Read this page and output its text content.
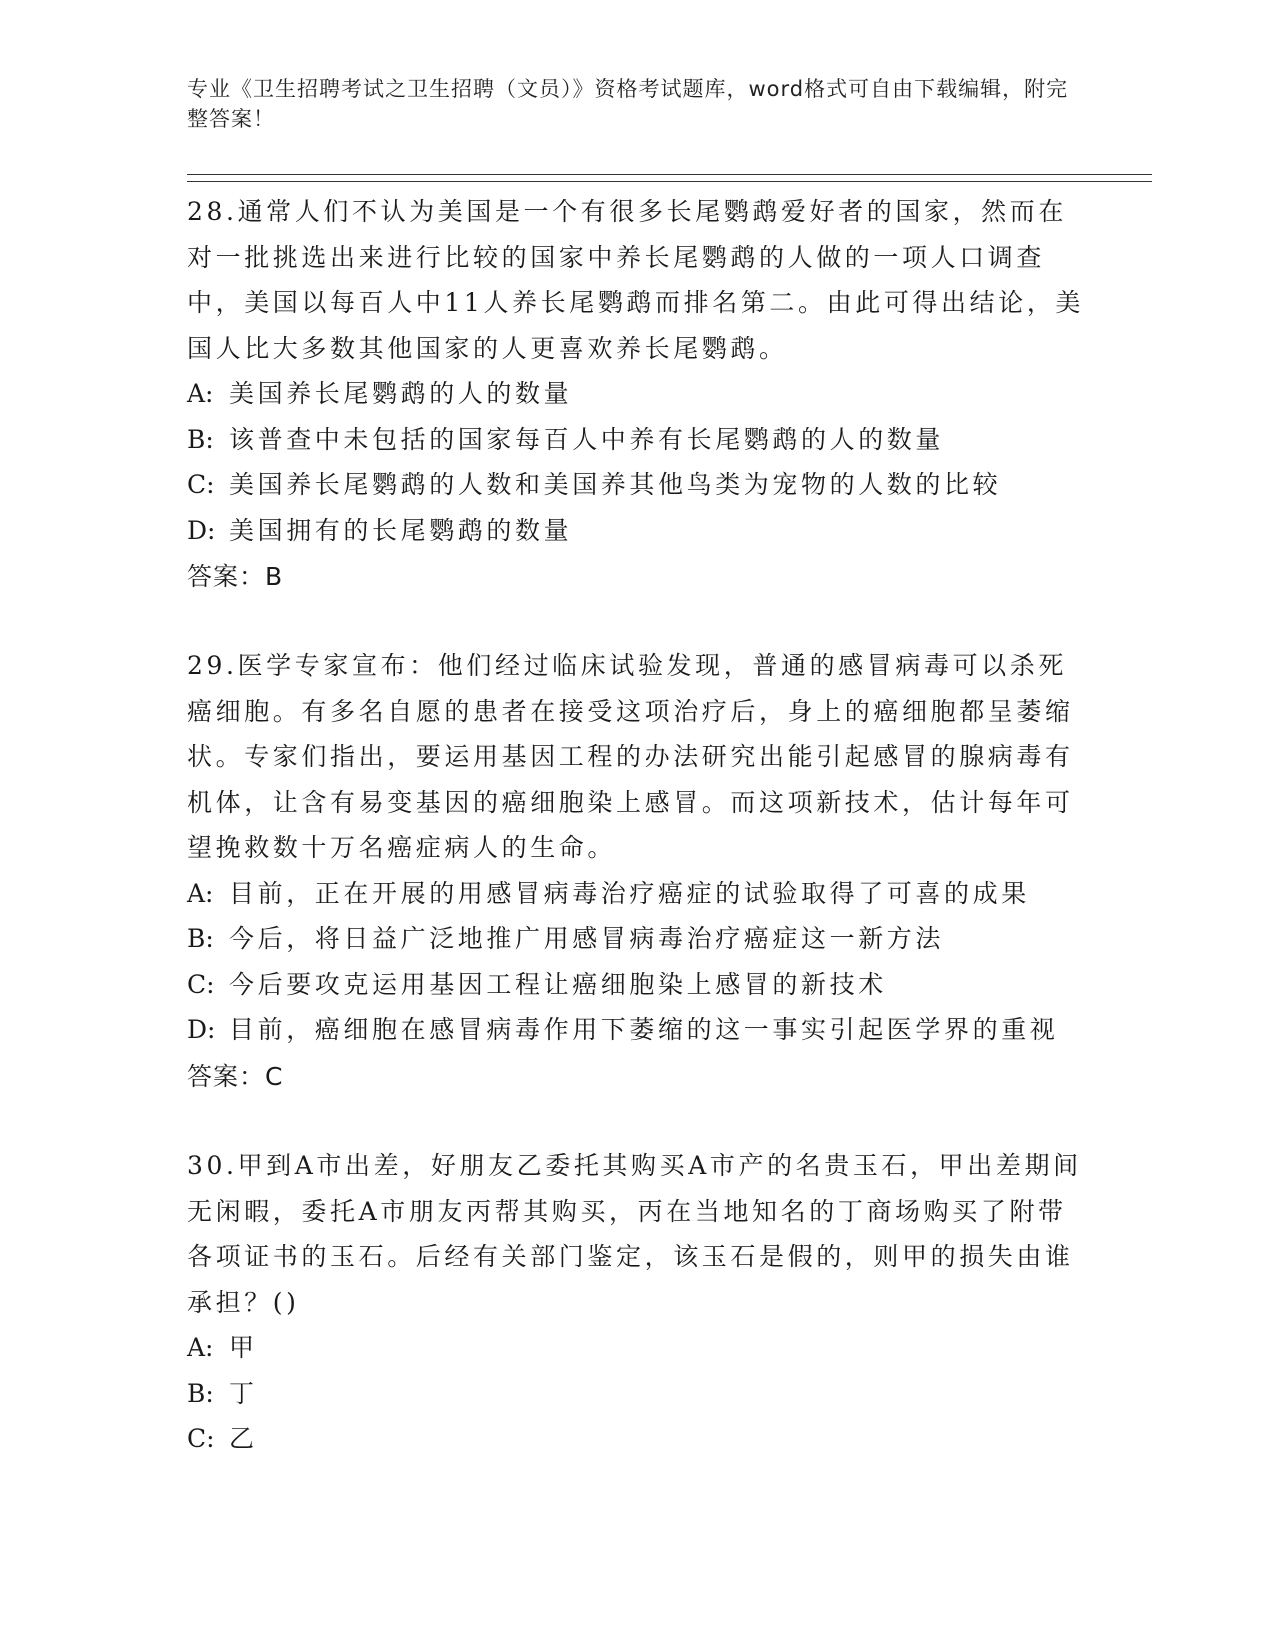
专业《卫生招聘考试之卫生招聘（文员）》资格考试题库，word格式可自由下载编辑，附完整答案！

28.通常人们不认为美国是一个有很多长尾鹦鹉爱好者的国家，然而在对一批挑选出来进行比较的国家中养长尾鹦鹉的人做的一项人口调查中，美国以每百人中11人养长尾鹦鹉而排名第二。由此可得出结论，美国人比大多数其他国家的人更喜欢养长尾鹦鹉。

A: 美国养长尾鹦鹉的人的数量

B: 该普查中未包括的国家每百人中养有长尾鹦鹉的人的数量

C: 美国养长尾鹦鹉的人数和美国养其他鸟类为宠物的人数的比较

D: 美国拥有的长尾鹦鹉的数量

答案：B

29.医学专家宣布：他们经过临床试验发现，普通的感冒病毒可以杀死癌细胞。有多名自愿的患者在接受这项治疗后，身上的癌细胞都呈萎缩状。专家们指出，要运用基因工程的办法研究出能引起感冒的腺病毒有机体，让含有易变基因的癌细胞染上感冒。而这项新技术，估计每年可望挽救数十万名癌症病人的生命。

A: 目前，正在开展的用感冒病毒治疗癌症的试验取得了可喜的成果

B: 今后，将日益广泛地推广用感冒病毒治疗癌症这一新方法

C: 今后要攻克运用基因工程让癌细胞染上感冒的新技术

D: 目前，癌细胞在感冒病毒作用下萎缩的这一事实引起医学界的重视

答案：C

30.甲到A市出差，好朋友乙委托其购买A市产的名贵玉石，甲出差期间无闲暇，委托A市朋友丙帮其购买，丙在当地知名的丁商场购买了附带各项证书的玉石。后经有关部门鉴定，该玉石是假的，则甲的损失由谁承担？()

A: 甲

B: 丁

C: 乙
